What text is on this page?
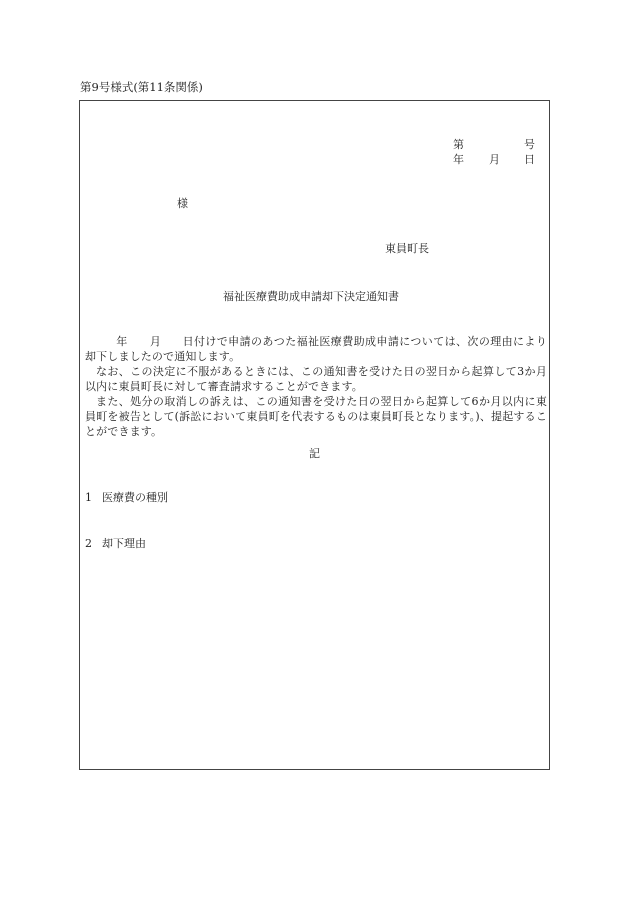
第9号様式(第11条関係)
第	号
年 月 日
様
東員町長
福祉医療費助成申請却下決定通知書

年 月 日付けで申請のあつた福祉医療費助成申請については、次の理由により却下しましたので通知します。

なお、この決定に不服があるときには、この通知書を受けた日の翌日から起算して3か月以内に東員町長に対して審査請求することができます。

また、処分の取消しの訴えは、この通知書を受けた日の翌日から起算して6か月以内に東員町を被告として(訴訟において東員町を代表するものは東員町長となります。)、提起することができます。

記
1 医療費の種別
2 却下理由
